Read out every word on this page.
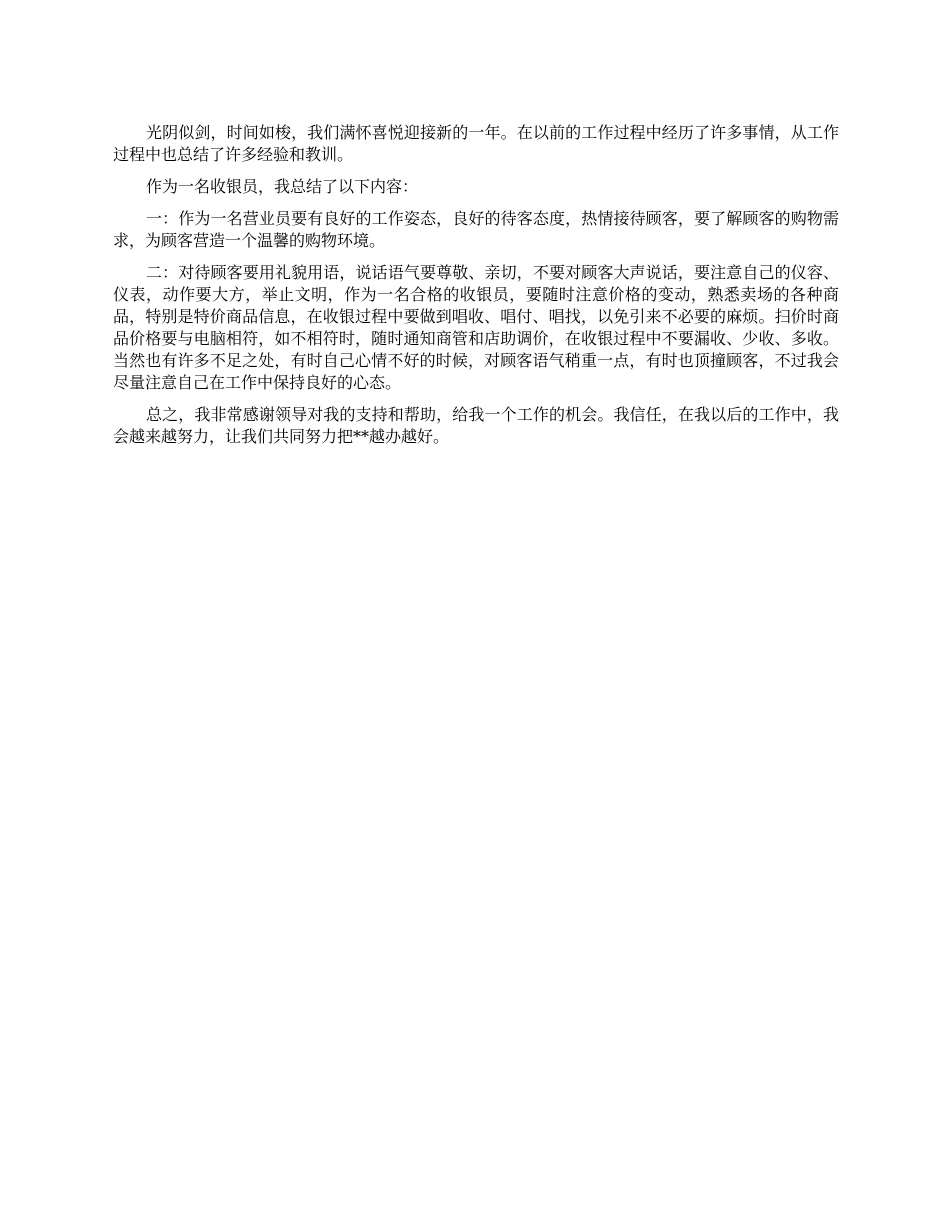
光阴似剑，时间如梭，我们满怀喜悦迎接新的一年。在以前的工作过程中经历了许多事情，从工作过程中也总结了许多经验和教训。

作为一名收银员，我总结了以下内容：

一：作为一名营业员要有良好的工作姿态，良好的待客态度，热情接待顾客，要了解顾客的购物需求，为顾客营造一个温馨的购物环境。

二：对待顾客要用礼貌用语，说话语气要尊敬、亲切，不要对顾客大声说话，要注意自己的仪容、仪表，动作要大方，举止文明，作为一名合格的收银员，要随时注意价格的变动，熟悉卖场的各种商品，特别是特价商品信息，在收银过程中要做到唱收、唱付、唱找，以免引来不必要的麻烦。扫价时商品价格要与电脑相符，如不相符时，随时通知商管和店助调价，在收银过程中不要漏收、少收、多收。当然也有许多不足之处，有时自己心情不好的时候，对顾客语气稍重一点，有时也顶撞顾客，不过我会尽量注意自己在工作中保持良好的心态。

总之，我非常感谢领导对我的支持和帮助，给我一个工作的机会。我信任，在我以后的工作中，我会越来越努力，让我们共同努力把**越办越好。
